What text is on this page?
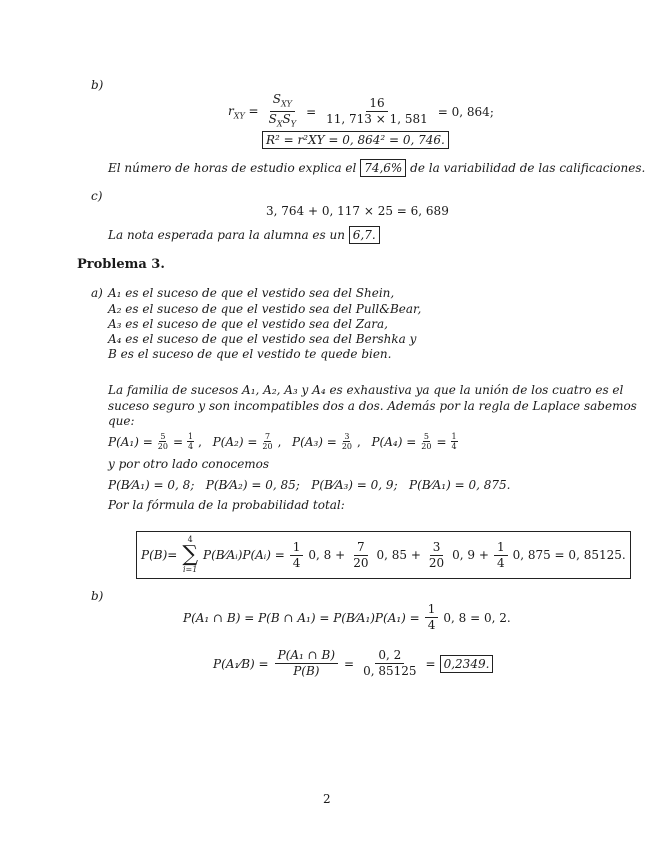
b)
$r_{XY} = \frac{S_{XY}}{S_XS_Y} = \frac{16}{11, 713 \times 1, 581} = 0$, 864;
R² = r²XY = 0, 864² = 0, 746.
El número de horas de estudio explica el 74,6% de la variabilidad de las calificaciones.
c)
3, 764 + 0, 117 × 25 = 6, 689
La nota esperada para la alumna es un 6,7.
Problema 3.
a) A₁ es el suceso de que el vestido sea del Shein,
A₂ es el suceso de que el vestido sea del Pull&Bear,
A₃ es el suceso de que el vestido sea del Zara,
A₄ es el suceso de que el vestido sea del Bershka y
B es el suceso de que el vestido te quede bien.
La familia de sucesos A₁, A₂, A₃ y A₄ es exhaustiva ya que la unión de los cuatro es el
suceso seguro y son incompatibles dos a dos. Además por la regla de Laplace sabemos
que:
$P(A_1) = \frac{5}{20} = \frac{1}{4}$ , $P(A_2) = \frac{7}{20}$ , $P(A_3) = \frac{3}{20}$ , $P(A_4) = \frac{5}{20} = \frac{1}{4}$
y por otro lado conocemos
P(B⁄A₁) = 0, 8;   P(B⁄A₂) = 0, 85;   P(B⁄A₃) = 0, 9;   P(B⁄A₁) = 0, 875.
Por la fórmula de la probabilidad total:
P(B)=
4
∑
i=1
P(B⁄Aᵢ)P(Aᵢ) = $\frac{1}{4} 0$, $8 + \frac{7}{20} 0$, $85 + \frac{3}{20} 0$, $9 + \frac{1}{4} 0$, 875 = 0, 85125.
b)
P(A₁ ∩ B) = P(B ∩ A₁) = P(B⁄A₁)P(A₁) = $\frac{1}{4} 0$, 8 = 0, 2.
P(A₁⁄B) = $\frac{\text{P(A₁ ∩ B)}}{P(B)} = \frac{0, 2}{0, 85125} = 0,2349$.
2
